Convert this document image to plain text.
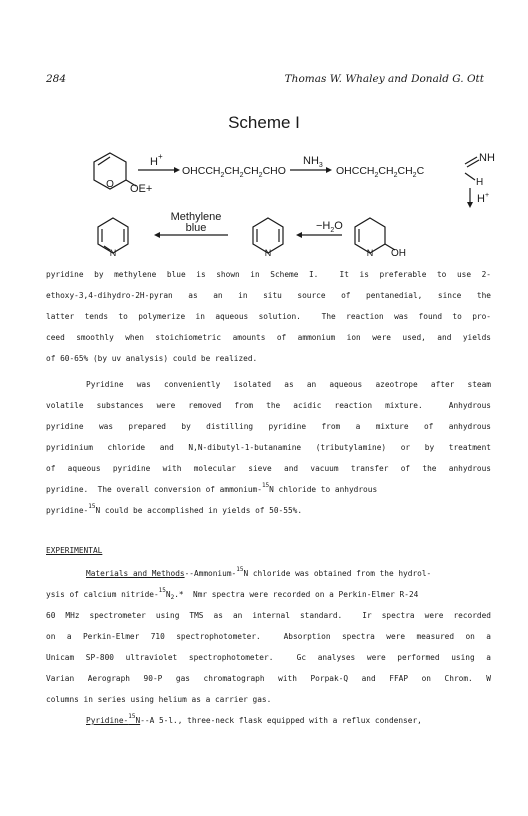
284	Thomas W. Whaley and Donald G. Ott
Scheme I
O OE+
H +
$OHCCH_2CH_2CH_2CHO$
$NH_3$ $OHCCH_2CH_2CH_2C$
NH
H
H+
Methylene
blue	$-H_2O$
N	N	N OH
pyridine by methylene blue is shown in Scheme I.  It is preferable to use 2-
ethoxy-3,4-dihydro-2H-pyran as an in situ source of pentanedial, since the
latter tends to polymerize in aqueous solution.  The reaction was found to pro-
ceed smoothly when stoichiometric amounts of ammonium ion were used, and yields
of 60-65% (by uv analysis) could be realized.
Pyridine was conveniently isolated as an aqueous azeotrope after steam
volatile substances were removed from the acidic reaction mixture.  Anhydrous
pyridine was prepared by distilling pyridine from a mixture of anhydrous
pyridinium chloride and N,N-dibutyl-1-butanamine (tributylamine) or by treatment
of aqueous pyridine with molecular sieve and vacuum transfer of the anhydrous
pyridine.  The overall conversion of ammonium-$^{15}$N chloride to anhydrous
pyridine-$^{15}$N could be accomplished in yields of 50-55%.
EXPERIMENTAL
Materials and Methods--Ammonium-$^{15}$N chloride was obtained from the hydrol-
ysis of calcium nitride-$^{15}N_2.*$  Nmr spectra were recorded on a Perkin-Elmer R-24
60 MHz spectrometer using TMS as an internal standard.  Ir spectra were recorded
on a Perkin-Elmer 710 spectrophotometer.  Absorption spectra were measured on a
Unicam SP-800 ultraviolet spectrophotometer.  Gc analyses were performed using a
Varian Aerograph 90-P gas chromatograph with Porpak-Q and FFAP on Chrom. W
columns in series using helium as a carrier gas.
Pyridine-$^{15}$N--A 5-l., three-neck flask equipped with a reflux condenser,
